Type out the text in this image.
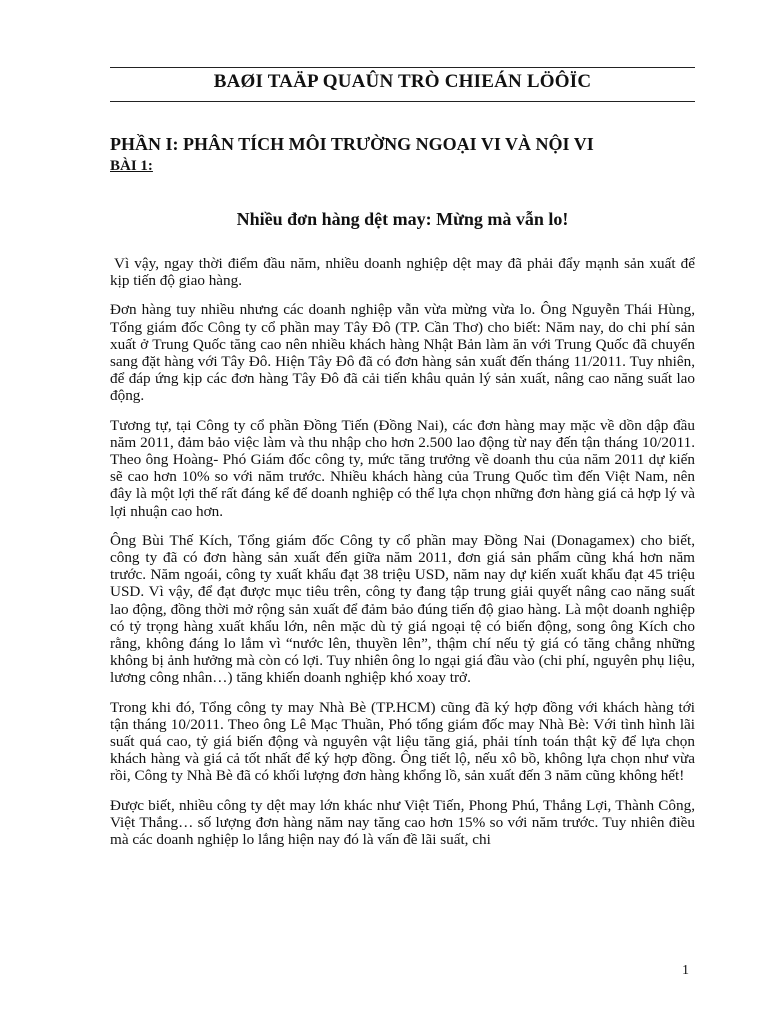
BAØI TAÄP QUAÛN TRÒ CHIEÁN LÖÔÏC
PHẦN I: PHÂN TÍCH MÔI TRƯỜNG NGOẠI VI VÀ NỘI VI
BÀI 1:
Nhiều đơn hàng dệt may: Mừng mà vẫn lo!

Vì vậy, ngay thời điểm đầu năm, nhiều doanh nghiệp dệt may đã phải đẩy mạnh sản xuất để kịp tiến độ giao hàng.

Đơn hàng tuy nhiều nhưng các doanh nghiệp vẫn vừa mừng vừa lo. Ông Nguyễn Thái Hùng, Tổng giám đốc Công ty cổ phần may Tây Đô (TP. Cần Thơ) cho biết: Năm nay, do chi phí sản xuất ở Trung Quốc tăng cao nên nhiều khách hàng Nhật Bản làm ăn với Trung Quốc đã chuyển sang đặt hàng với Tây Đô. Hiện Tây Đô đã có đơn hàng sản xuất đến tháng 11/2011. Tuy nhiên, để đáp ứng kịp các đơn hàng Tây Đô đã cải tiến khâu quản lý sản xuất, nâng cao năng suất lao động.

Tương tự, tại Công ty cổ phần Đồng Tiến (Đồng Nai), các đơn hàng may mặc về dồn dập đầu năm 2011, đảm bảo việc làm và thu nhập cho hơn 2.500 lao động từ nay đến tận tháng 10/2011. Theo ông Hoàng- Phó Giám đốc công ty, mức tăng trưởng về doanh thu của năm 2011 dự kiến sẽ cao hơn 10% so với năm trước. Nhiều khách hàng của Trung Quốc tìm đến Việt Nam, nên đây là một lợi thế rất đáng kể để doanh nghiệp có thể lựa chọn những đơn hàng giá cả hợp lý và lợi nhuận cao hơn.

Ông Bùi Thế Kích, Tổng giám đốc Công ty cổ phần may Đồng Nai (Donagamex) cho biết, công ty đã có đơn hàng sản xuất đến giữa năm 2011, đơn giá sản phẩm cũng khá hơn năm trước. Năm ngoái, công ty xuất khẩu đạt 38 triệu USD, năm nay dự kiến xuất khẩu đạt 45 triệu USD. Vì vậy, để đạt được mục tiêu trên, công ty đang tập trung giải quyết nâng cao năng suất lao động, đồng thời mở rộng sản xuất để đảm bảo đúng tiến độ giao hàng. Là một doanh nghiệp có tỷ trọng hàng xuất khẩu lớn, nên mặc dù tỷ giá ngoại tệ có biến động, song ông Kích cho rằng, không đáng lo lắm vì “nước lên, thuyền lên”, thậm chí nếu tỷ giá có tăng chẳng những không bị ảnh hưởng mà còn có lợi. Tuy nhiên ông lo ngại giá đầu vào (chi phí, nguyên phụ liệu, lương công nhân…) tăng khiến doanh nghiệp khó xoay trở.

Trong khi đó, Tổng công ty may Nhà Bè (TP.HCM) cũng đã ký hợp đồng với khách hàng tới tận tháng 10/2011. Theo ông Lê Mạc Thuần, Phó tổng giám đốc may Nhà Bè: Với tình hình lãi suất quá cao, tỷ giá biến động và nguyên vật liệu tăng giá, phải tính toán thật kỹ để lựa chọn khách hàng và giá cả tốt nhất để ký hợp đồng. Ông tiết lộ, nếu xô bồ, không lựa chọn như vừa rồi, Công ty Nhà Bè đã có khối lượng đơn hàng khổng lồ, sản xuất đến 3 năm cũng không hết!

Được biết, nhiều công ty dệt may lớn khác như Việt Tiến, Phong Phú, Thắng Lợi, Thành Công, Việt Thắng… số lượng đơn hàng năm nay tăng cao hơn 15% so với năm trước. Tuy nhiên điều mà các doanh nghiệp lo lắng hiện nay đó là vấn đề lãi suất, chi

1
